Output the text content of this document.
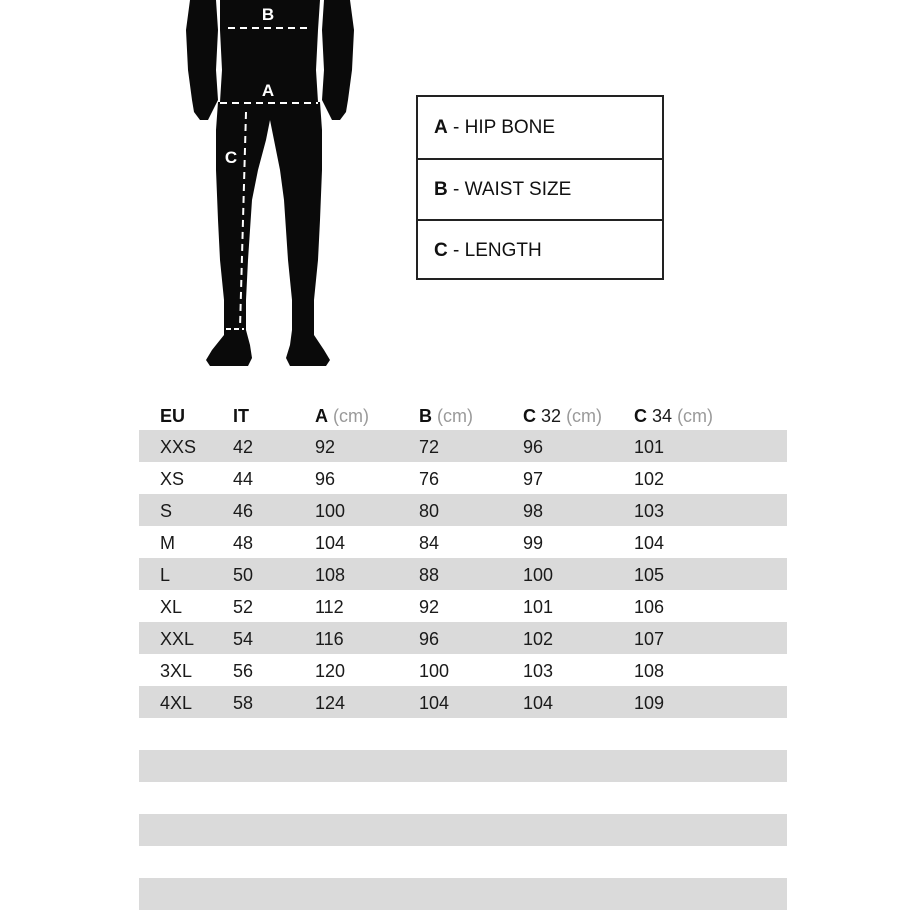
B
A
C
A - HIP BONE
B - WAIST SIZE
C - LENGTH
EU	IT	A (cm)	B (cm)	C 32 (cm) C 34 (cm)
XXS 42	92	72	96	101
XS	44	96	76	97	102
S	46	100	80	98	103
M	48	104	84	99	104
L	50	108	88	100	105
XL	52	112	92	101	106
XXL 54	116	96	102	107
3XL 56	120	100	103	108
4XL 58	124	104	104	109
